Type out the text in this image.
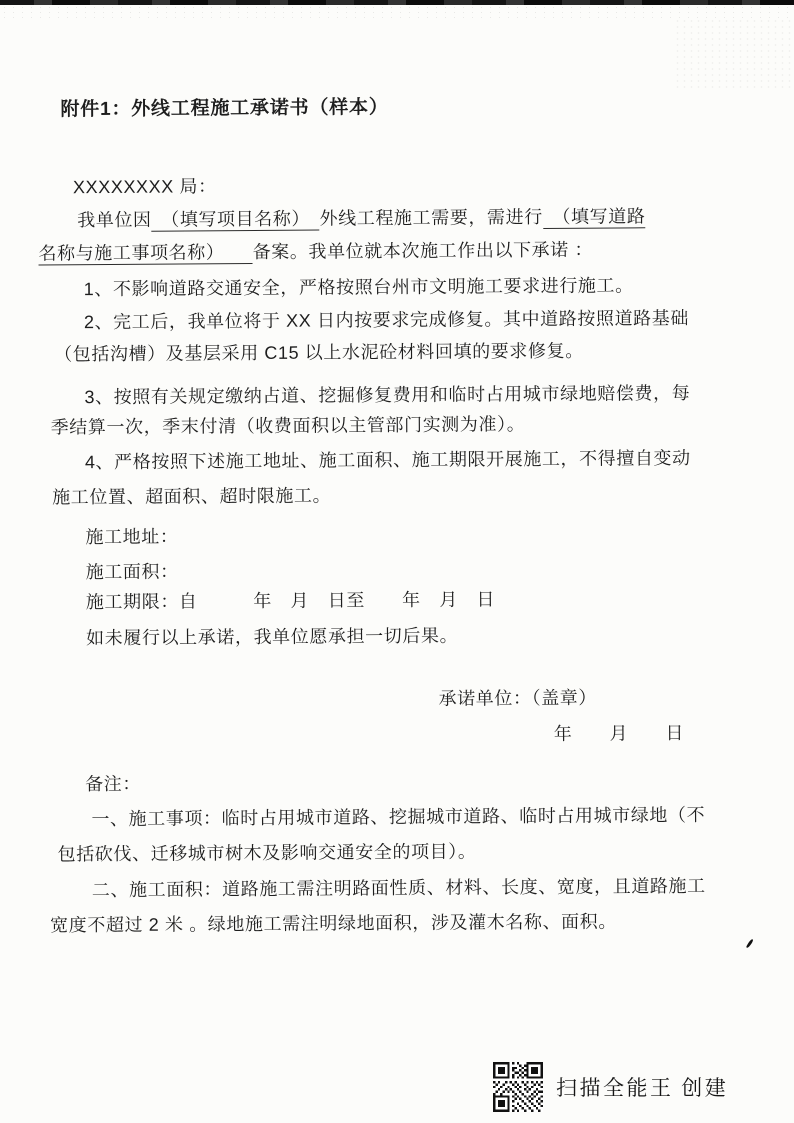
附件1：外线工程施工承诺书（样本）
XXXXXXXX 局：
我单位因　（填写项目名称）　外线工程施工需要，需进行　（填写道路
名称与施工事项名称）　　备案。我单位就本次施工作出以下承诺 ：
1、不影响道路交通安全，严格按照台州市文明施工要求进行施工。
2、完工后，我单位将于 XX 日内按要求完成修复。其中道路按照道路基础
（包括沟槽）及基层采用 C15 以上水泥砼材料回填的要求修复。
3、按照有关规定缴纳占道、挖掘修复费用和临时占用城市绿地赔偿费，每
季结算一次，季末付清（收费面积以主管部门实测为准）。
4、严格按照下述施工地址、施工面积、施工期限开展施工，不得擅自变动
施工位置、超面积、超时限施工。
施工地址：
施工面积：
施工期限：自　　　年　月　日至　　年　月　日
如未履行以上承诺，我单位愿承担一切后果。
承诺单位：（盖章）
年　　月　　日
备注：
一、施工事项：临时占用城市道路、挖掘城市道路、临时占用城市绿地（不
包括砍伐、迁移城市树木及影响交通安全的项目）。
二、施工面积：道路施工需注明路面性质、材料、长度、宽度，且道路施工
宽度不超过 2 米 。绿地施工需注明绿地面积，涉及灌木名称、面积。
扫描全能王 创建
